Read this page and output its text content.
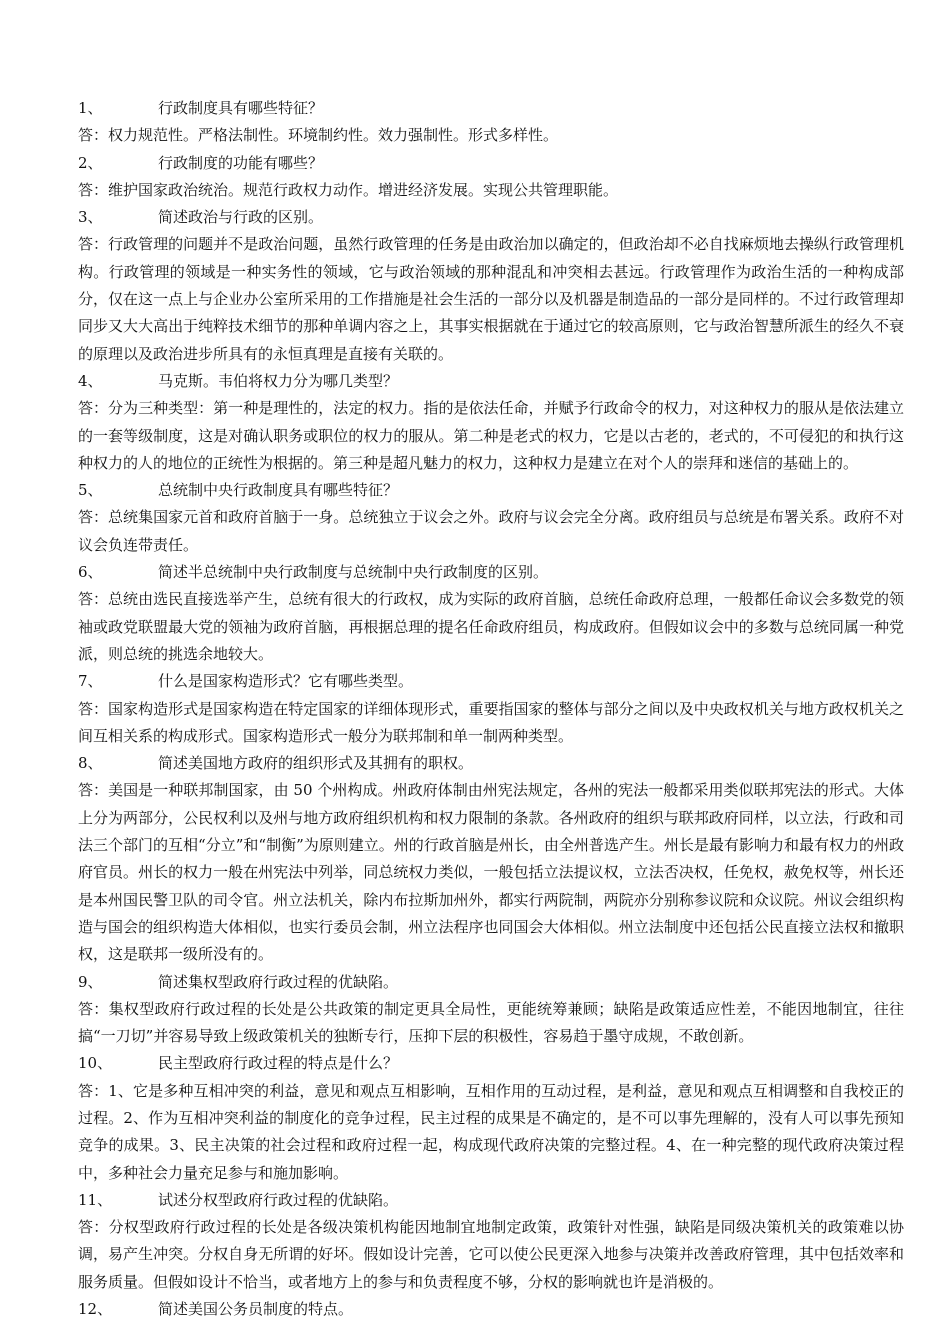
1、	行政制度具有哪些特征？
答：权力规范性。严格法制性。环境制约性。效力强制性。形式多样性。
2、	行政制度的功能有哪些？
答：维护国家政治统治。规范行政权力动作。增进经济发展。实现公共管理职能。
3、	简述政治与行政的区别。
答：行政管理的问题并不是政治问题，虽然行政管理的任务是由政治加以确定的，但政治却不必自找麻烦地去操纵行政管理机构。行政管理的领域是一种实务性的领域，它与政治领域的那种混乱和冲突相去甚远。行政管理作为政治生活的一种构成部分，仅在这一点上与企业办公室所采用的工作措施是社会生活的一部分以及机器是制造品的一部分是同样的。不过行政管理却同步又大大高出于纯粹技术细节的那种单调内容之上，其事实根据就在于通过它的较高原则，它与政治智慧所派生的经久不衰的原理以及政治进步所具有的永恒真理是直接有关联的。
4、	马克斯。韦伯将权力分为哪几类型？
答：分为三种类型：第一种是理性的，法定的权力。指的是依法任命，并赋予行政命令的权力，对这种权力的服从是依法建立的一套等级制度，这是对确认职务或职位的权力的服从。第二种是老式的权力，它是以古老的，老式的，不可侵犯的和执行这种权力的人的地位的正统性为根据的。第三种是超凡魅力的权力，这种权力是建立在对个人的崇拜和迷信的基础上的。
5、	总统制中央行政制度具有哪些特征？
答：总统集国家元首和政府首脑于一身。总统独立于议会之外。政府与议会完全分离。政府组员与总统是布署关系。政府不对议会负连带责任。
6、	简述半总统制中央行政制度与总统制中央行政制度的区别。
答：总统由选民直接选举产生，总统有很大的行政权，成为实际的政府首脑，总统任命政府总理，一般都任命议会多数党的领袖或政党联盟最大党的领袖为政府首脑，再根据总理的提名任命政府组员，构成政府。但假如议会中的多数与总统同属一种党派，则总统的挑选余地较大。
7、	什么是国家构造形式？它有哪些类型。
答：国家构造形式是国家构造在特定国家的详细体现形式，重要指国家的整体与部分之间以及中央政权机关与地方政权机关之间互相关系的构成形式。国家构造形式一般分为联邦制和单一制两种类型。
8、	简述美国地方政府的组织形式及其拥有的职权。
答：美国是一种联邦制国家，由 50 个州构成。州政府体制由州宪法规定，各州的宪法一般都采用类似联邦宪法的形式。大体上分为两部分，公民权利以及州与地方政府组织机构和权力限制的条款。各州政府的组织与联邦政府同样，以立法，行政和司法三个部门的互相“分立”和“制衡”为原则建立。州的行政首脑是州长，由全州普选产生。州长是最有影响力和最有权力的州政府官员。州长的权力一般在州宪法中列举，同总统权力类似，一般包括立法提议权，立法否决权，任免权，赦免权等，州长还是本州国民警卫队的司令官。州立法机关，除内布拉斯加州外，都实行两院制，两院亦分别称参议院和众议院。州议会组织构造与国会的组织构造大体相似，也实行委员会制，州立法程序也同国会大体相似。州立法制度中还包括公民直接立法权和撤职权，这是联邦一级所没有的。
9、	简述集权型政府行政过程的优缺陷。
答：集权型政府行政过程的长处是公共政策的制定更具全局性，更能统筹兼顾；缺陷是政策适应性差，不能因地制宜，往往搞“一刀切”并容易导致上级政策机关的独断专行，压抑下层的积极性，容易趋于墨守成规，不敢创新。
10、	民主型政府行政过程的特点是什么？
答：1、它是多种互相冲突的利益，意见和观点互相影响，互相作用的互动过程，是利益，意见和观点互相调整和自我校正的过程。2、作为互相冲突利益的制度化的竞争过程，民主过程的成果是不确定的，是不可以事先理解的，没有人可以事先预知竞争的成果。3、民主决策的社会过程和政府过程一起，构成现代政府决策的完整过程。4、在一种完整的现代政府决策过程中，多种社会力量充足参与和施加影响。
11、	试述分权型政府行政过程的优缺陷。
答：分权型政府行政过程的长处是各级决策机构能因地制宜地制定政策，政策针对性强，缺陷是同级决策机关的政策难以协调，易产生冲突。分权自身无所谓的好坏。假如设计完善，它可以使公民更深入地参与决策并改善政府管理，其中包括效率和服务质量。但假如设计不恰当，或者地方上的参与和负责程度不够，分权的影响就也许是消极的。
12、	简述美国公务员制度的特点。
